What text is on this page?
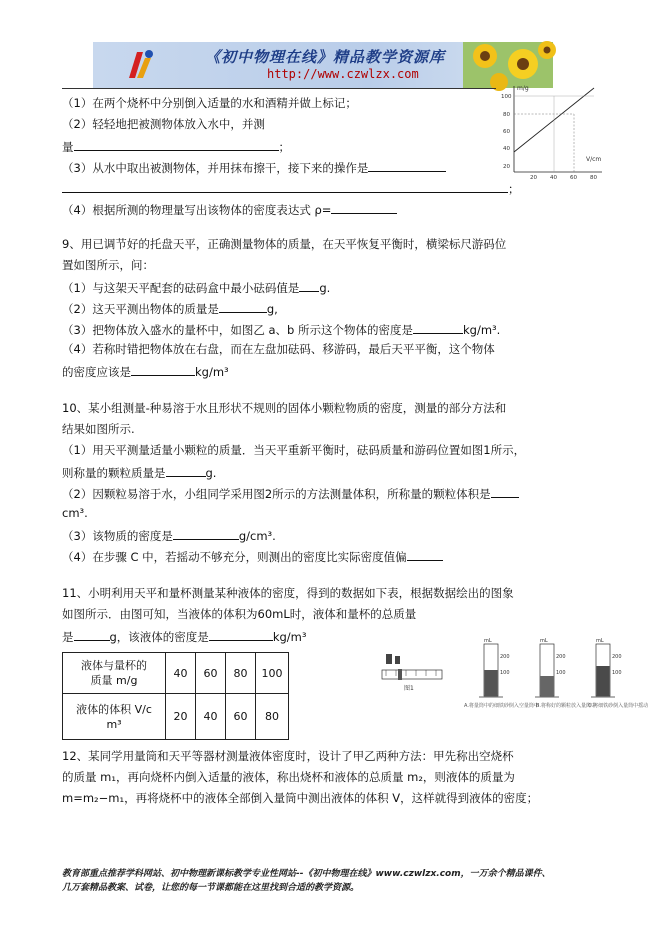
《初中物理在线》精品教学资源库
http://www.czwlzx.com
m/g
V/cm
100
80
60
40
20
20 40 60 80
（1）在两个烧杯中分别倒入适量的水和酒精并做上标记；
（2）轻轻地把被测物体放入水中，并测
量	；
（3）从水中取出被测物体，并用抹布擦干，接下来的操作是
；
（4）根据所测的物理量写出该物体的密度表达式 ρ=
9、用已调节好的托盘天平，正确测量物体的质量，在天平恢复平衡时，横梁标尺游码位
置如图所示，问：
（1）与这架天平配套的砝码盒中最小砝码值是 g.
（2）这天平测出物体的质量是	g,
（3）把物体放入盛水的量杯中，如图乙 a、b 所示这个物体的密度是	kg/m³.
（4）若称时错把物体放在右盘，而在左盘加砝码、移游码，最后天平平衡，这个物体
的密度应该是	kg/m³
10、某小组测量-种易溶于水且形状不规则的固体小颗粒物质的密度，测量的部分方法和
结果如图所示.
（1）用天平测量适量小颗粒的质量．当天平重新平衡时，砝码质量和游码位置如图1所示，
则称量的颗粒质量是	g.
（2）因颗粒易溶于水，小组同学采用图2所示的方法测量体积，所称量的颗粒体积是
cm³.
（3）该物质的密度是	g/cm³.
（4）在步骤 C 中，若摇动不够充分，则测出的密度比实际密度值偏
11、小明利用天平和量杯测量某种液体的密度，得到的数据如下表，根据数据绘出的图象
如图所示．由图可知，当液体的体积为60mL时，液体和量杯的总质量
是	g，该液体的密度是	kg/m³
液体与量杯的
质量 m/g	40	60	80	100
液体的体积 V/c
m³	20	40	60	80
图1
mL
200
100
A.将量筒中的细铁砂倒入空量筒中
mL
200
100
B.将称好的颗粒放入量筒中
mL
200
100
C.将细铁砂倒入量筒中摇动
12、某同学用量筒和天平等器材测量液体密度时，设计了甲乙两种方法：甲先称出空烧杯
的质量 m₁，再向烧杯内倒入适量的液体，称出烧杯和液体的总质量 m₂，则液体的质量为
m=m₂−m₁，再将烧杯中的液体全部倒入量筒中测出液体的体积 V，这样就得到液体的密度；
教育部重点推荐学科网站、初中物理新课标教学专业性网站--《初中物理在线》www.czwlzx.com，一万余个精品课件、
几万套精品教案、试卷，让您的每一节课都能在这里找到合适的教学资源。
